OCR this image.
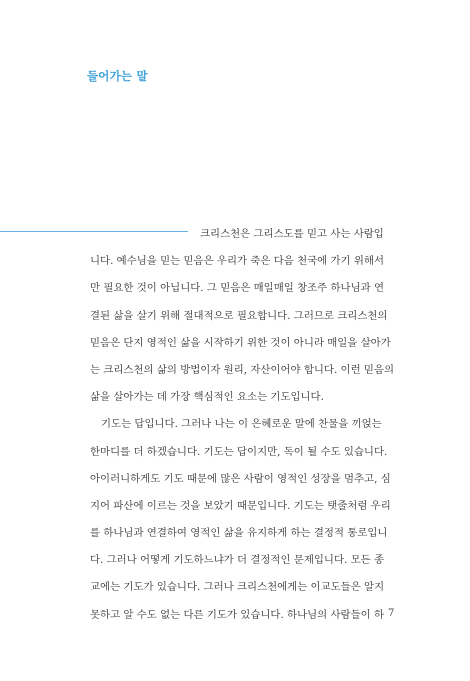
들어가는 말
크리스천은 그리스도를 믿고 사는 사람입
니다. 예수님을 믿는 믿음은 우리가 죽은 다음 천국에 가기 위해서
만 필요한 것이 아닙니다. 그 믿음은 매일매일 창조주 하나님과 연
결된 삶을 살기 위해 절대적으로 필요합니다. 그러므로 크리스천의
믿음은 단지 영적인 삶을 시작하기 위한 것이 아니라 매일을 살아가
는 크리스천의 삶의 방법이자 원리, 자산이어야 합니다. 이런 믿음의
삶을 살아가는 데 가장 핵심적인 요소는 기도입니다.
기도는 답입니다. 그러나 나는 이 은혜로운 말에 찬물을 끼얹는
한마디를 더 하겠습니다. 기도는 답이지만, 독이 될 수도 있습니다.
아이러니하게도 기도 때문에 많은 사람이 영적인 성장을 멈추고, 심
지어 파산에 이르는 것을 보았기 때문입니다. 기도는 탯줄처럼 우리
를 하나님과 연결하여 영적인 삶을 유지하게 하는 결정적 통로입니
다. 그러나 어떻게 기도하느냐가 더 결정적인 문제입니다. 모든 종
교에는 기도가 있습니다. 그러나 크리스천에게는 이교도들은 알지
못하고 알 수도 없는 다른 기도가 있습니다. 하나님의 사람들이 하 7
